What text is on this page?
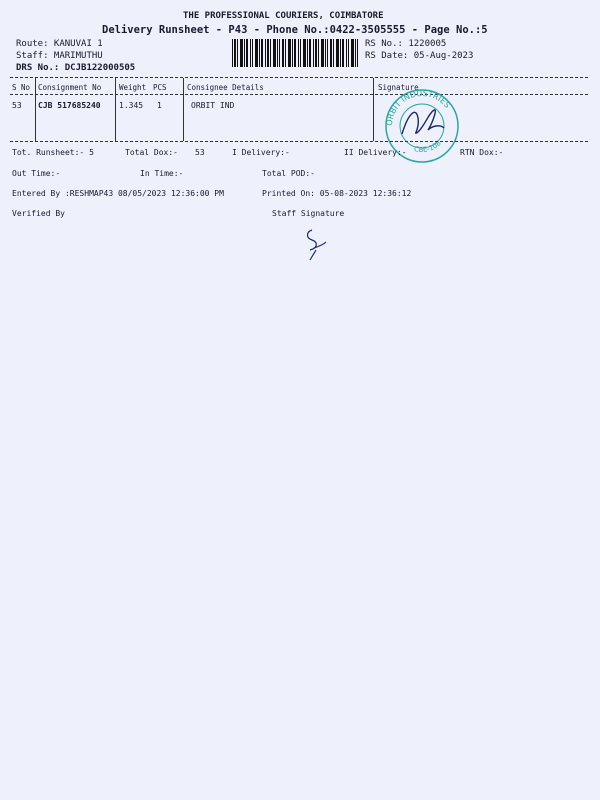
THE PROFESSIONAL COURIERS, COIMBATORE
Delivery Runsheet - P43 - Phone No.:0422-3505555 - Page No.:5
Route: KANUVAI 1
Staff: MARIMUTHU
DRS No.: DCJB122000505
RS No.: 1220005
RS Date: 05-Aug-2023
S No Consignment No Weight PCS	Consignee Details	Signature
53 CJB 517685240 1.345 1	ORBIT IND
ORBIT INDUSTRIES
CBE-108
Tot. Runsheet:- 5	Total Dox:- 53	I Delivery:-	II Delivery:-	RTN Dox:-
Out Time:-	In Time:-	Total POD:-
Entered By :RESHMAP43 08/05/2023 12:36:00 PM	Printed On: 05-08-2023 12:36:12
Verified By	Staff Signature
